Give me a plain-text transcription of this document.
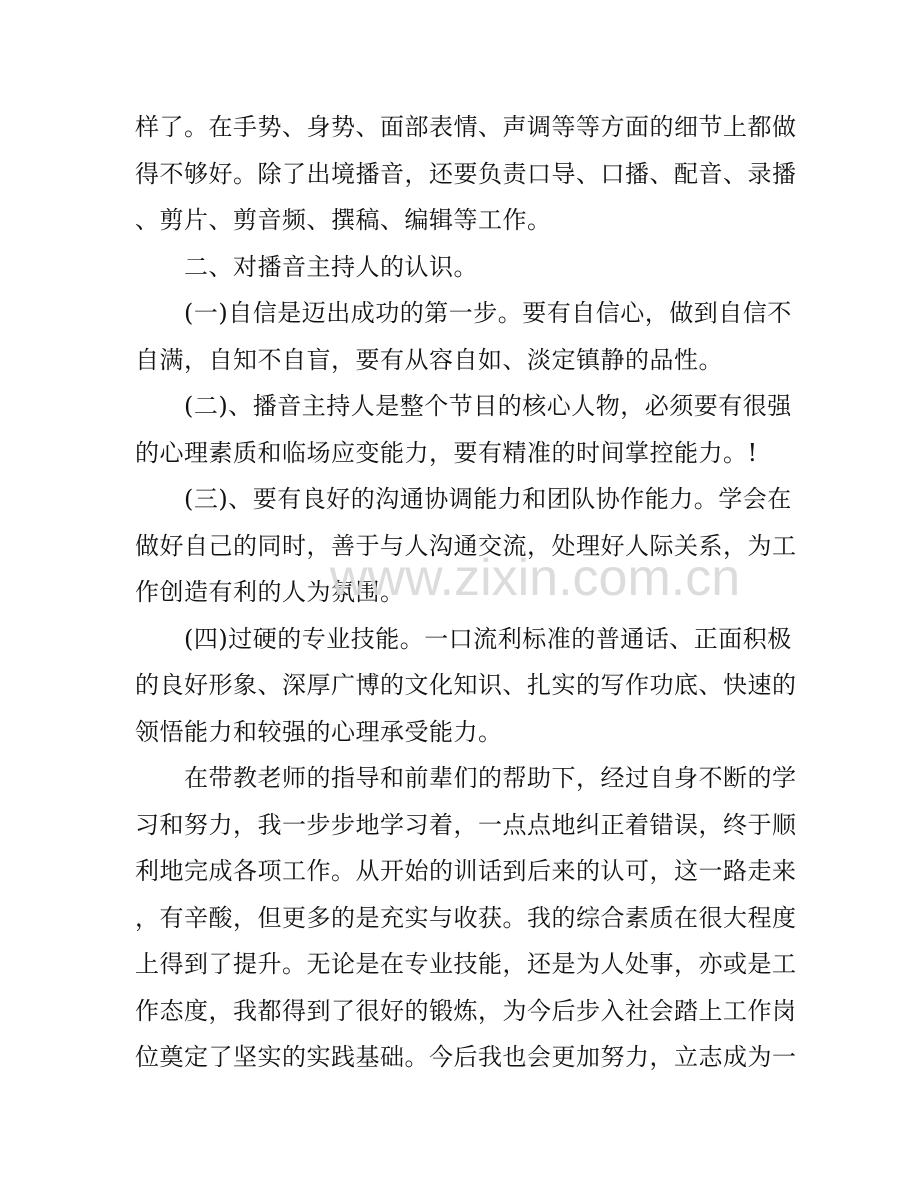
样了。在手势、身势、面部表情、声调等等方面的细节上都做
得不够好。除了出境播音，还要负责口导、口播、配音、录播
、剪片、剪音频、撰稿、编辑等工作。
二、对播音主持人的认识。
(一)自信是迈出成功的第一步。要有自信心，做到自信不
自满，自知不自盲，要有从容自如、淡定镇静的品性。
(二)、播音主持人是整个节目的核心人物，必须要有很强
的心理素质和临场应变能力，要有精准的时间掌控能力。!
(三)、要有良好的沟通协调能力和团队协作能力。学会在
做好自己的同时，善于与人沟通交流，处理好人际关系，为工
作创造有利的人为氛围。
(四)过硬的专业技能。一口流利标准的普通话、正面积极
的良好形象、深厚广博的文化知识、扎实的写作功底、快速的
领悟能力和较强的心理承受能力。
在带教老师的指导和前辈们的帮助下，经过自身不断的学
习和努力，我一步步地学习着，一点点地纠正着错误，终于顺
利地完成各项工作。从开始的训话到后来的认可，这一路走来
，有辛酸，但更多的是充实与收获。我的综合素质在很大程度
上得到了提升。无论是在专业技能，还是为人处事，亦或是工
作态度，我都得到了很好的锻炼，为今后步入社会踏上工作岗
位奠定了坚实的实践基础。今后我也会更加努力，立志成为一
www.zixin.com.cn
